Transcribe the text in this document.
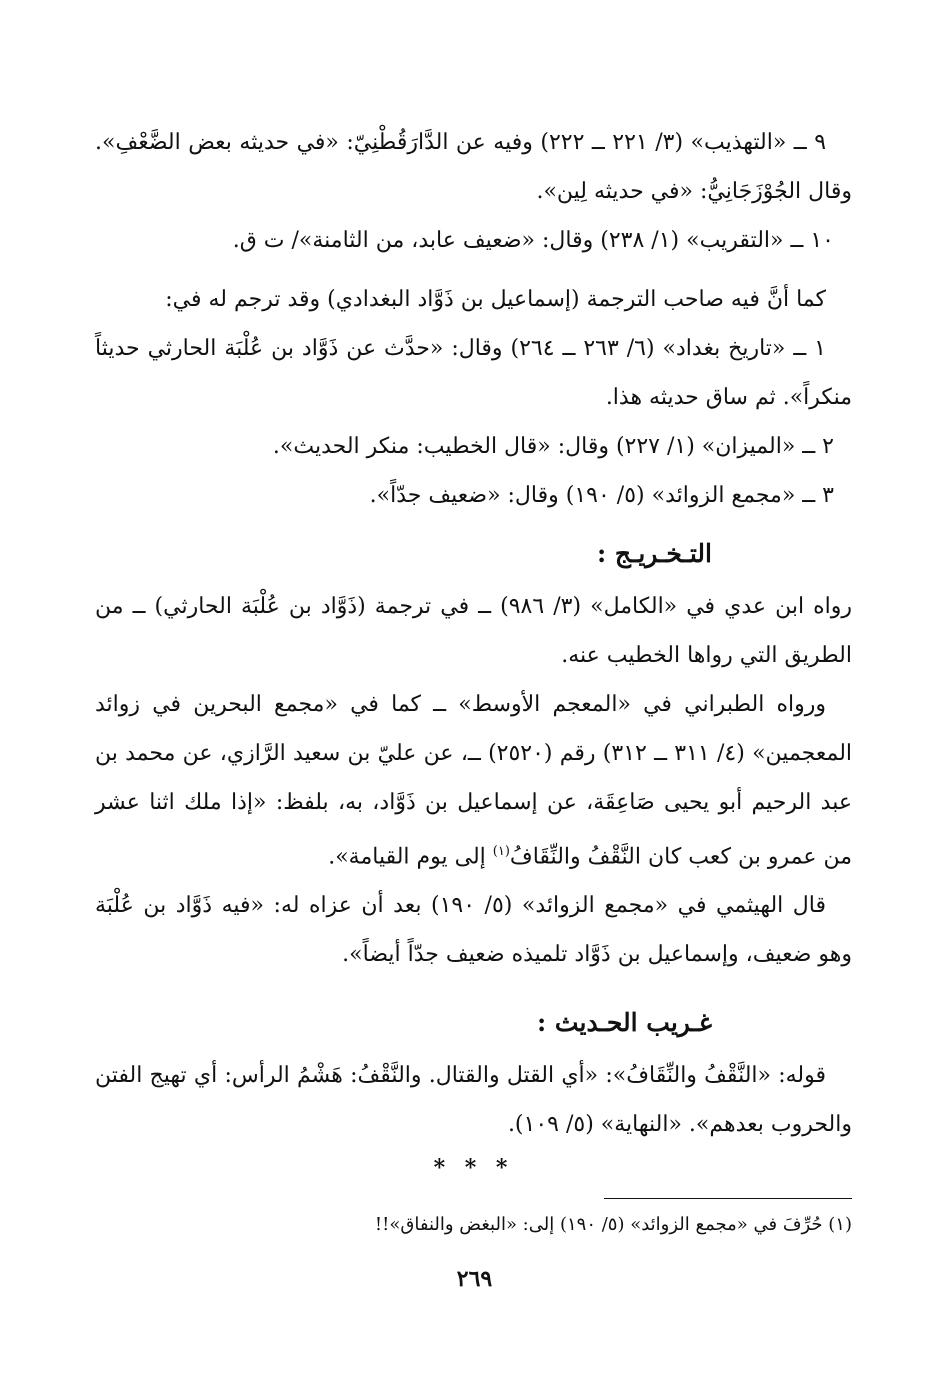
٩ ــ «التهذيب» (٣/ ٢٢١ ــ ٢٢٢) وفيه عن الدَّارَقُطْنِيّ: «في حديثه بعض الضَّعْفِ». وقال الجُوْزَجَانِيُّ: «في حديثه لِين».

١٠ ــ «التقريب» (١/ ٢٣٨) وقال: «ضعيف عابد، من الثامنة»/ ت ق.

كما أنَّ فيه صاحب الترجمة (إسماعيل بن ذَوَّاد البغدادي) وقد ترجم له في:

١ ــ «تاريخ بغداد» (٦/ ٢٦٣ ــ ٢٦٤) وقال: «حدَّث عن ذَوَّاد بن عُلْبَة الحارثي حديثاً منكراً». ثم ساق حديثه هذا.

٢ ــ «الميزان» (١/ ٢٢٧) وقال: «قال الخطيب: منكر الحديث».

٣ ــ «مجمع الزوائد» (٥/ ١٩٠) وقال: «ضعيف جدّاً».

التـخـريـج :

رواه ابن عدي في «الكامل» (٣/ ٩٨٦) ــ في ترجمة (ذَوَّاد بن عُلْبَة الحارثي) ــ من الطريق التي رواها الخطيب عنه.

ورواه الطبراني في «المعجم الأوسط» ــ كما في «مجمع البحرين في زوائد المعجمين» (٤/ ٣١١ ــ ٣١٢) رقم (٢٥٢٠) ــ، عن عليّ بن سعيد الرَّازي، عن محمد بن عبد الرحيم أبو يحيى صَاعِقَة، عن إسماعيل بن ذَوَّاد، به، بلفظ: «إذا ملك اثنا عشر من عمرو بن كعب كان النَّقْفُ والنِّقَافُ$^{(١)}$ إلى يوم القيامة».

قال الهيثمي في «مجمع الزوائد» (٥/ ١٩٠) بعد أن عزاه له: «فيه ذَوَّاد بن عُلْبَة وهو ضعيف، وإسماعيل بن ذَوَّاد تلميذه ضعيف جدّاً أيضاً».

غـريب الحـديث :

قوله: «النَّقْفُ والنِّقَافُ»: «أي القتل والقتال. والنَّقْفُ: هَشْمُ الرأس: أي تهيج الفتن والحروب بعدهم». «النهاية» (٥/ ١٠٩).

* * *

(١) حُرِّفَ في «مجمع الزوائد» (٥/ ١٩٠) إلى: «البغض والنفاق»!!

٢٦٩
